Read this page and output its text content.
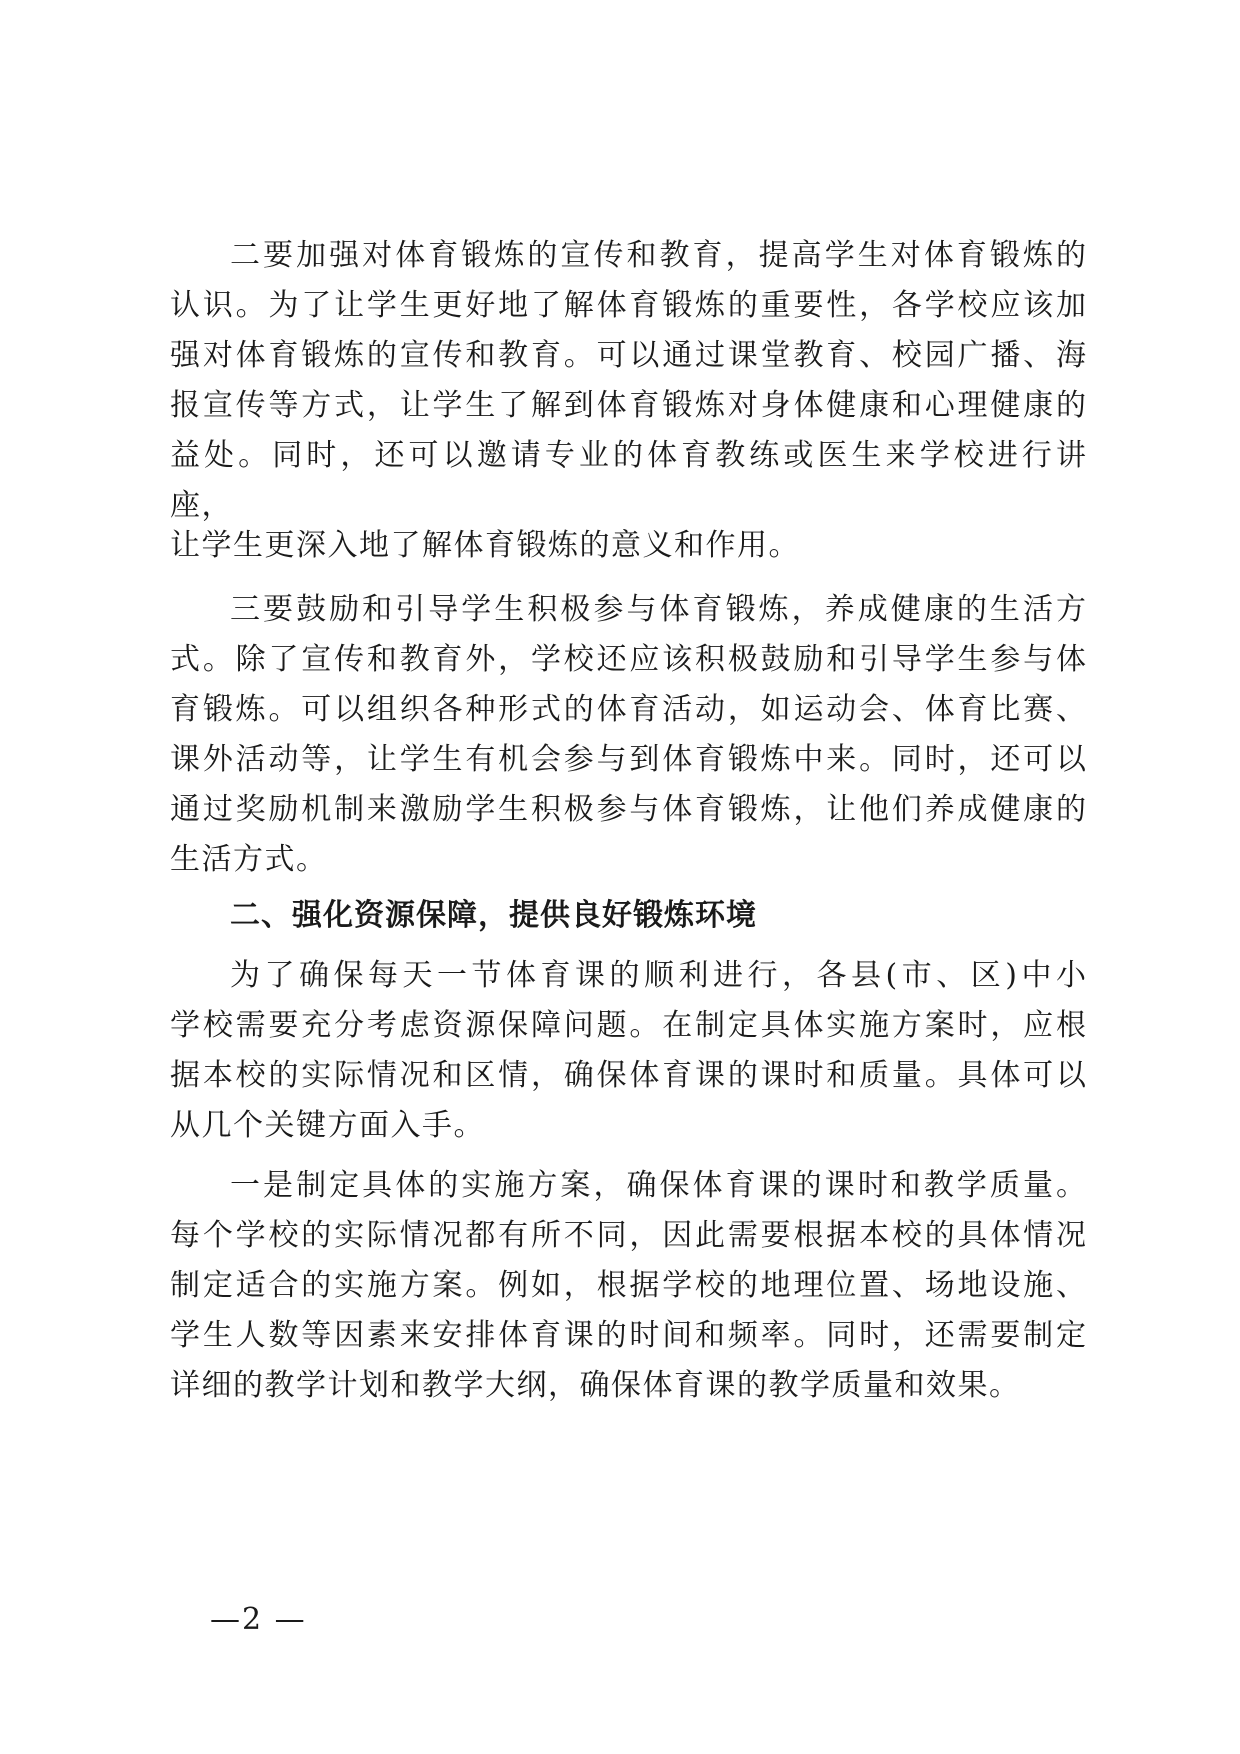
二要加强对体育锻炼的宣传和教育，提高学生对体育锻炼的
认识。为了让学生更好地了解体育锻炼的重要性，各学校应该加
强对体育锻炼的宣传和教育。可以通过课堂教育、校园广播、海
报宣传等方式，让学生了解到体育锻炼对身体健康和心理健康的
益处。同时，还可以邀请专业的体育教练或医生来学校进行讲
座，
让学生更深入地了解体育锻炼的意义和作用。
三要鼓励和引导学生积极参与体育锻炼，养成健康的生活方
式。除了宣传和教育外，学校还应该积极鼓励和引导学生参与体
育锻炼。可以组织各种形式的体育活动，如运动会、体育比赛、
课外活动等，让学生有机会参与到体育锻炼中来。同时，还可以
通过奖励机制来激励学生积极参与体育锻炼，让他们养成健康的
生活方式。
二、强化资源保障，提供良好锻炼环境
为了确保每天一节体育课的顺利进行，各县(市、区)中小
学校需要充分考虑资源保障问题。在制定具体实施方案时，应根
据本校的实际情况和区情，确保体育课的课时和质量。具体可以
从几个关键方面入手。
一是制定具体的实施方案，确保体育课的课时和教学质量。
每个学校的实际情况都有所不同，因此需要根据本校的具体情况
制定适合的实施方案。例如，根据学校的地理位置、场地设施、
学生人数等因素来安排体育课的时间和频率。同时，还需要制定
详细的教学计划和教学大纲，确保体育课的教学质量和效果。
—2 —
